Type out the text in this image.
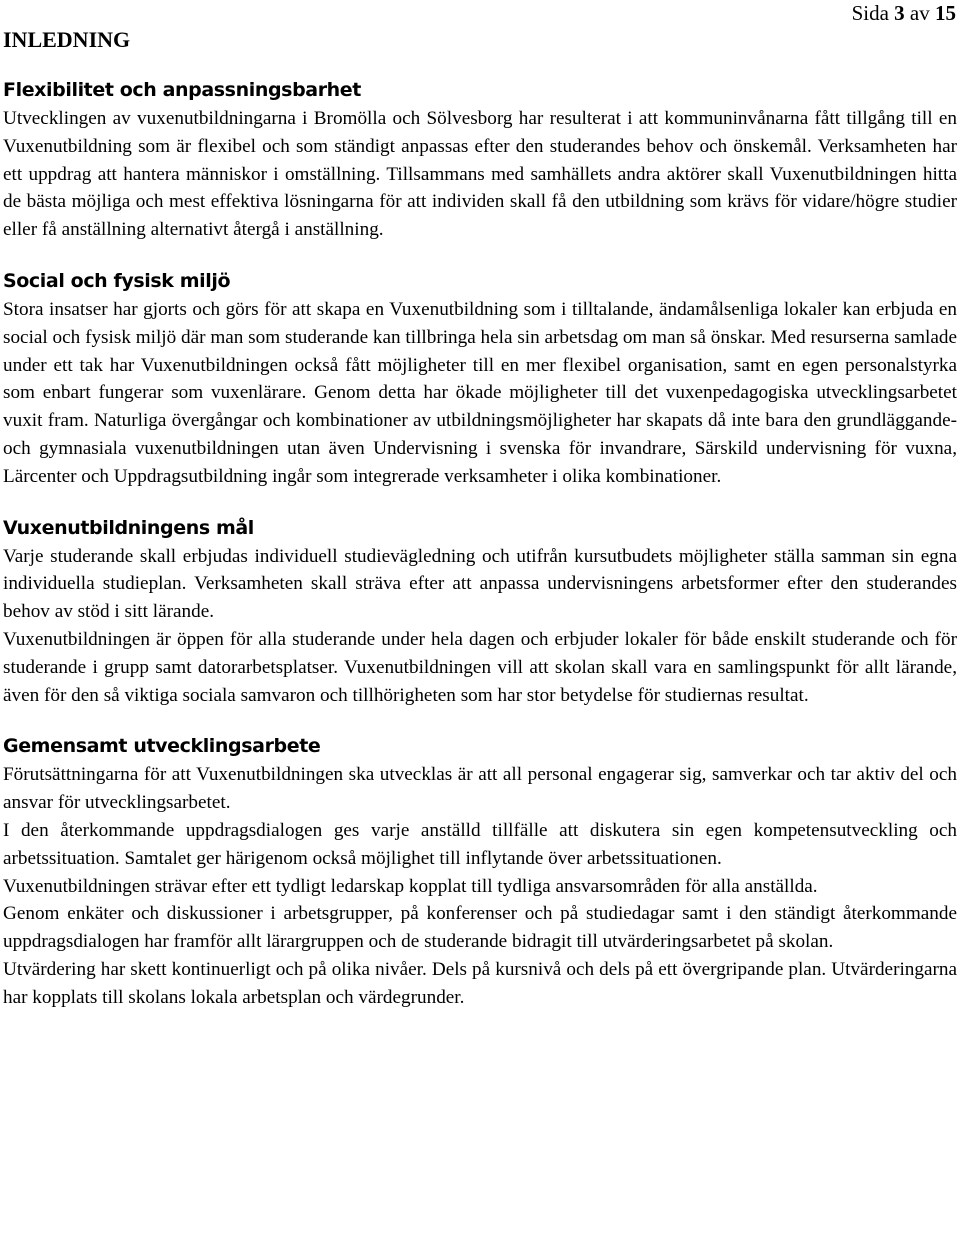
Sida 3 av 15
INLEDNING
Flexibilitet och anpassningsbarhet

Utvecklingen av vuxenutbildningarna i Bromölla och Sölvesborg har resulterat i att kommuninvånarna fått tillgång till en Vuxenutbildning som är flexibel och som ständigt anpassas efter den studerandes behov och önskemål. Verksamheten har ett uppdrag att hantera människor i omställning. Tillsammans med samhällets andra aktörer skall Vuxenutbildningen hitta de bästa möjliga och mest effektiva lösningarna för att individen skall få den utbildning som krävs för vidare/högre studier eller få anställning alternativt återgå i anställning.

Social och fysisk miljö

Stora insatser har gjorts och görs för att skapa en Vuxenutbildning som i tilltalande, ändamålsenliga lokaler kan erbjuda en social och fysisk miljö där man som studerande kan tillbringa hela sin arbetsdag om man så önskar. Med resurserna samlade under ett tak har Vuxenutbildningen också fått möjligheter till en mer flexibel organisation, samt en egen personalstyrka som enbart fungerar som vuxenlärare. Genom detta har ökade möjligheter till det vuxenpedagogiska utvecklingsarbetet vuxit fram. Naturliga övergångar och kombinationer av utbildningsmöjligheter har skapats då inte bara den grundläggande- och gymnasiala vuxenutbildningen utan även Undervisning i svenska för invandrare, Särskild undervisning för vuxna, Lärcenter och Uppdragsutbildning ingår som integrerade verksamheter i olika kombinationer.

Vuxenutbildningens mål

Varje studerande skall erbjudas individuell studievägledning och utifrån kursutbudets möjligheter ställa samman sin egna individuella studieplan. Verksamheten skall sträva efter att anpassa undervisningens arbetsformer efter den studerandes behov av stöd i sitt lärande.

Vuxenutbildningen är öppen för alla studerande under hela dagen och erbjuder lokaler för både enskilt studerande och för studerande i grupp samt datorarbetsplatser. Vuxenutbildningen vill att skolan skall vara en samlingspunkt för allt lärande, även för den så viktiga sociala samvaron och tillhörigheten som har stor betydelse för studiernas resultat.

Gemensamt utvecklingsarbete

Förutsättningarna för att Vuxenutbildningen ska utvecklas är att all personal engagerar sig, samverkar och tar aktiv del och ansvar för utvecklingsarbetet.

I den återkommande uppdragsdialogen ges varje anställd tillfälle att diskutera sin egen kompetensutveckling och arbetssituation. Samtalet ger härigenom också möjlighet till inflytande över arbetssituationen.

Vuxenutbildningen strävar efter ett tydligt ledarskap kopplat till tydliga ansvarsområden för alla anställda.

Genom enkäter och diskussioner i arbetsgrupper, på konferenser och på studiedagar samt i den ständigt återkommande uppdragsdialogen har framför allt lärargruppen och de studerande bidragit till utvärderingsarbetet på skolan.

Utvärdering har skett kontinuerligt och på olika nivåer. Dels på kursnivå och dels på ett övergripande plan. Utvärderingarna har kopplats till skolans lokala arbetsplan och värdegrunder.
